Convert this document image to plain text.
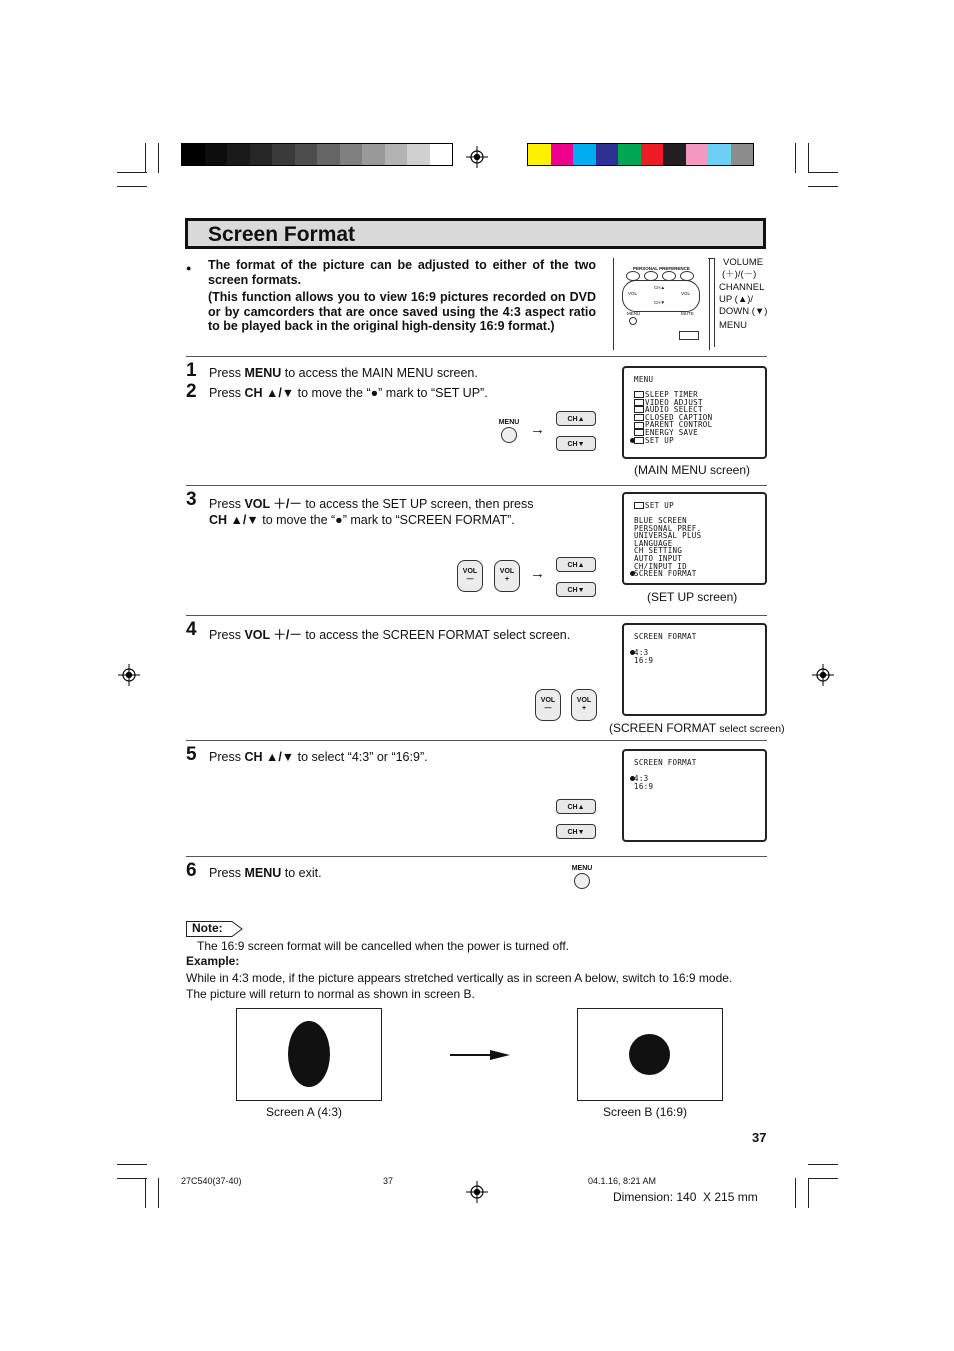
Screen Format
● The format of the picture can be adjusted to either of the two screen formats.

(This function allows you to view 16:9 pictures recorded on DVD or by camcorders that are once saved using the 4:3 aspect ratio to be played back in the original high-density 16:9 format.)

PERSONAL PREFERENCE
VOL	VOL
CH▲
CH▼
MENU	MUTE
VOLUME
(＋)/(－)
CHANNEL
UP (▲)/
DOWN (▼)
MENU
1 Press MENU to access the MAIN MENU screen.
2 Press CH ▲/▼ to move the “●” mark to “SET UP”.
MENU →
CH▲
CH▼
MENU
SLEEP TIMER
VIDEO ADJUST
AUDIO SELECT
CLOSED CAPTION
PARENT CONTROL
ENERGY SAVE
SET UP
(MAIN MENU screen)
3 Press VOL ＋/－ to access the SET UP screen, then press
CH ▲/▼ to move the “●” mark to “SCREEN FORMAT”.
VOL
—
VOL
+	→	CH▲
CH▼
SET UP
BLUE SCREEN
PERSONAL PREF.
UNIVERSAL PLUS
LANGUAGE
CH SETTING
AUTO INPUT
CH/INPUT ID
SCREEN FORMAT
(SET UP screen)
4 Press VOL ＋/－ to access the SCREEN FORMAT select screen.
VOL
—
VOL
+
SCREEN FORMAT
4:3
16:9
(SCREEN FORMAT select screen)
5 Press CH ▲/▼ to select “4:3” or “16:9”.
CH▲
CH▼
SCREEN FORMAT
4:3
16:9
6 Press MENU to exit.	MENU
Note:
The 16:9 screen format will be cancelled when the power is turned off.
Example:
While in 4:3 mode, if the picture appears stretched vertically as in screen A below, switch to 16:9 mode. The picture will return to normal as shown in screen B.
Screen A (4:3)	Screen B (16:9)
37
27C540(37-40)	37	04.1.16, 8:21 AM
Dimension: 140  X 215 mm
